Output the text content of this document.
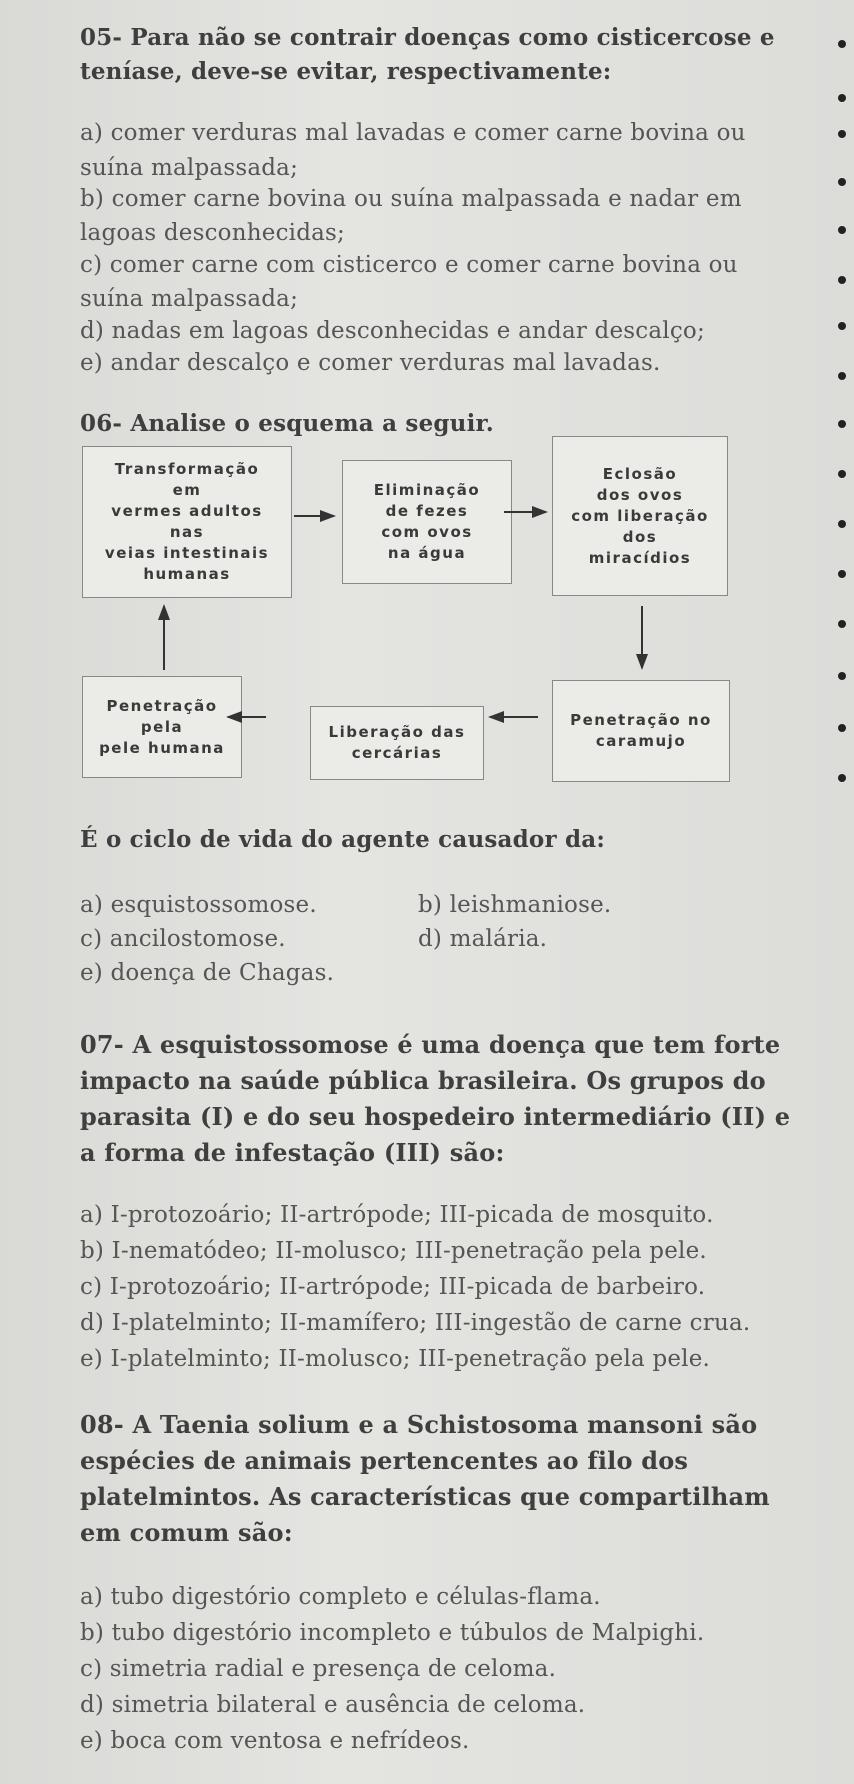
05- Para não se contrair doenças como cisticercose e
teníase, deve-se evitar, respectivamente:
a) comer verduras mal lavadas e comer carne bovina ou
suína malpassada;
b) comer carne bovina ou suína malpassada e nadar em
lagoas desconhecidas;
c) comer carne com cisticerco e comer carne bovina ou
suína malpassada;
d) nadas em lagoas desconhecidas e andar descalço;
e) andar descalço e comer verduras mal lavadas.
06- Analise o esquema a seguir.
Transformação
em
vermes adultos
nas
veias intestinais
humanas
Eliminação
de fezes
com ovos
na água
Eclosão
dos ovos
com liberação
dos
miracídios
Penetração
pela
pele humana
Liberação das
cercárias
Penetração no
caramujo
É o ciclo de vida do agente causador da:
a) esquistossomose.	b) leishmaniose.
c) ancilostomose.	d) malária.
e) doença de Chagas.
07- A esquistossomose é uma doença que tem forte
impacto na saúde pública brasileira. Os grupos do
parasita (I) e do seu hospedeiro intermediário (II) e
a forma de infestação (III) são:
a) I-protozoário; II-artrópode; III-picada de mosquito.
b) I-nematódeo; II-molusco; III-penetração pela pele.
c) I-protozoário; II-artrópode; III-picada de barbeiro.
d) I-platelminto; II-mamífero; III-ingestão de carne crua.
e) I-platelminto; II-molusco; III-penetração pela pele.
08- A Taenia solium e a Schistosoma mansoni são
espécies de animais pertencentes ao filo dos
platelmintos. As características que compartilham
em comum são:
a) tubo digestório completo e células-flama.
b) tubo digestório incompleto e túbulos de Malpighi.
c) simetria radial e presença de celoma.
d) simetria bilateral e ausência de celoma.
e) boca com ventosa e nefrídeos.
